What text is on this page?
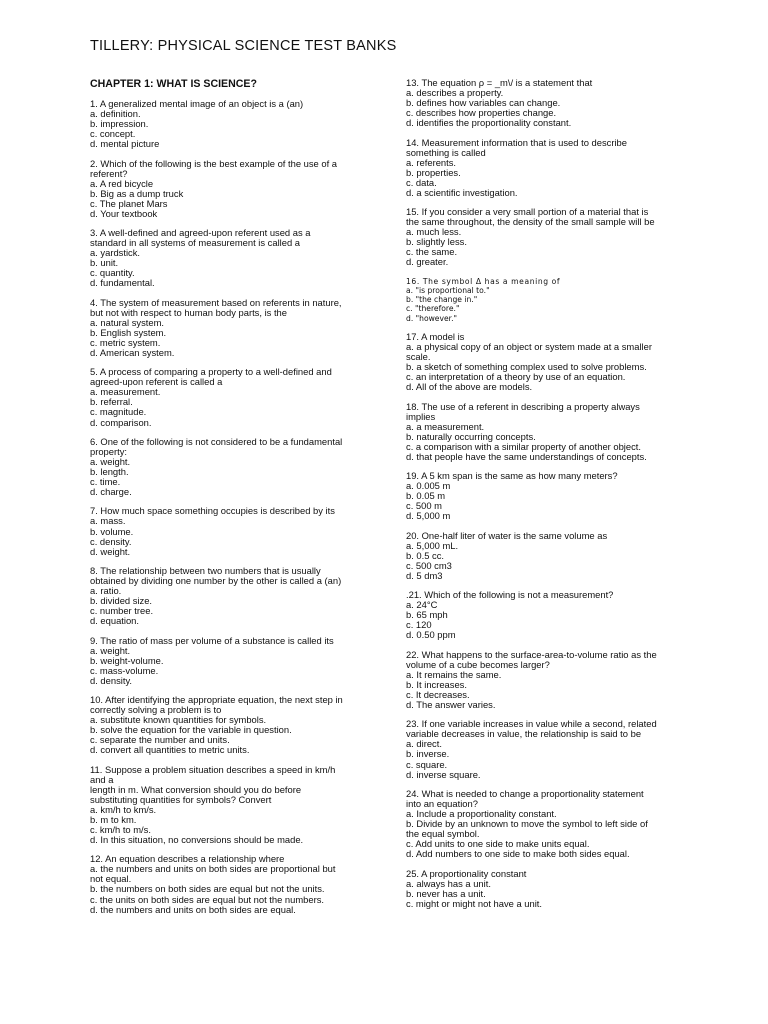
TILLERY: PHYSICAL SCIENCE TEST BANKS
CHAPTER 1: WHAT IS SCIENCE?
1. A generalized mental image of an object is a (an)
a. definition.
b. impression.
c. concept.
d. mental picture
2. Which of the following is the best example of the use of a
referent?
a. A red bicycle
b. Big as a dump truck
c. The planet Mars
d. Your textbook
3. A well-defined and agreed-upon referent used as a
standard in all systems of measurement is called a
a. yardstick.
b. unit.
c. quantity.
d. fundamental.
4. The system of measurement based on referents in nature,
but not with respect to human body parts, is the
a. natural system.
b. English system.
c. metric system.
d. American system.
5. A process of comparing a property to a well-defined and
agreed-upon referent is called a
a. measurement.
b. referral.
c. magnitude.
d. comparison.
6. One of the following is not considered to be a fundamental
property:
a. weight.
b. length.
c. time.
d. charge.
7. How much space something occupies is described by its
a. mass.
b. volume.
c. density.
d. weight.
8. The relationship between two numbers that is usually
obtained by dividing one number by the other is called a (an)
a. ratio.
b. divided size.
c. number tree.
d. equation.
9. The ratio of mass per volume of a substance is called its
a. weight.
b. weight-volume.
c. mass-volume.
d. density.
10. After identifying the appropriate equation, the next step in
correctly solving a problem is to
a. substitute known quantities for symbols.
b. solve the equation for the variable in question.
c. separate the number and units.
d. convert all quantities to metric units.
11. Suppose a problem situation describes a speed in km/h
and a
length in m. What conversion should you do before
substituting quantities for symbols? Convert
a. km/h to km/s.
b. m to km.
c. km/h to m/s.
d. In this situation, no conversions should be made.
12. An equation describes a relationship where
a. the numbers and units on both sides are proportional but
not equal.
b. the numbers on both sides are equal but not the units.
c. the units on both sides are equal but not the numbers.
d. the numbers and units on both sides are equal.
13. The equation ρ = _m\/ is a statement that
a. describes a property.
b. defines how variables can change.
c. describes how properties change.
d. identifies the proportionality constant.
14. Measurement information that is used to describe
something is called
a. referents.
b. properties.
c. data.
d. a scientific investigation.
15. If you consider a very small portion of a material that is
the same throughout, the density of the small sample will be
a. much less.
b. slightly less.
c. the same.
d. greater.
16. The symbol Δ has a meaning of
a. "is proportional to."
b. "the change in."
c. "therefore."
d. "however."
17. A model is
a. a physical copy of an object or system made at a smaller
scale.
b. a sketch of something complex used to solve problems.
c. an interpretation of a theory by use of an equation.
d. All of the above are models.
18. The use of a referent in describing a property always
implies
a. a measurement.
b. naturally occurring concepts.
c. a comparison with a similar property of another object.
d. that people have the same understandings of concepts.
19. A 5 km span is the same as how many meters?
a. 0.005 m
b. 0.05 m
c. 500 m
d. 5,000 m
20. One-half liter of water is the same volume as
a. 5,000 mL.
b. 0.5 cc.
c. 500 cm3
d. 5 dm3
.21. Which of the following is not a measurement?
a. 24°C
b. 65 mph
c. 120
d. 0.50 ppm
22. What happens to the surface-area-to-volume ratio as the
volume of a cube becomes larger?
a. It remains the same.
b. It increases.
c. It decreases.
d. The answer varies.
23. If one variable increases in value while a second, related
variable decreases in value, the relationship is said to be
a. direct.
b. inverse.
c. square.
d. inverse square.
24. What is needed to change a proportionality statement
into an equation?
a. Include a proportionality constant.
b. Divide by an unknown to move the symbol to left side of
the equal symbol.
c. Add units to one side to make units equal.
d. Add numbers to one side to make both sides equal.
25. A proportionality constant
a. always has a unit.
b. never has a unit.
c. might or might not have a unit.
